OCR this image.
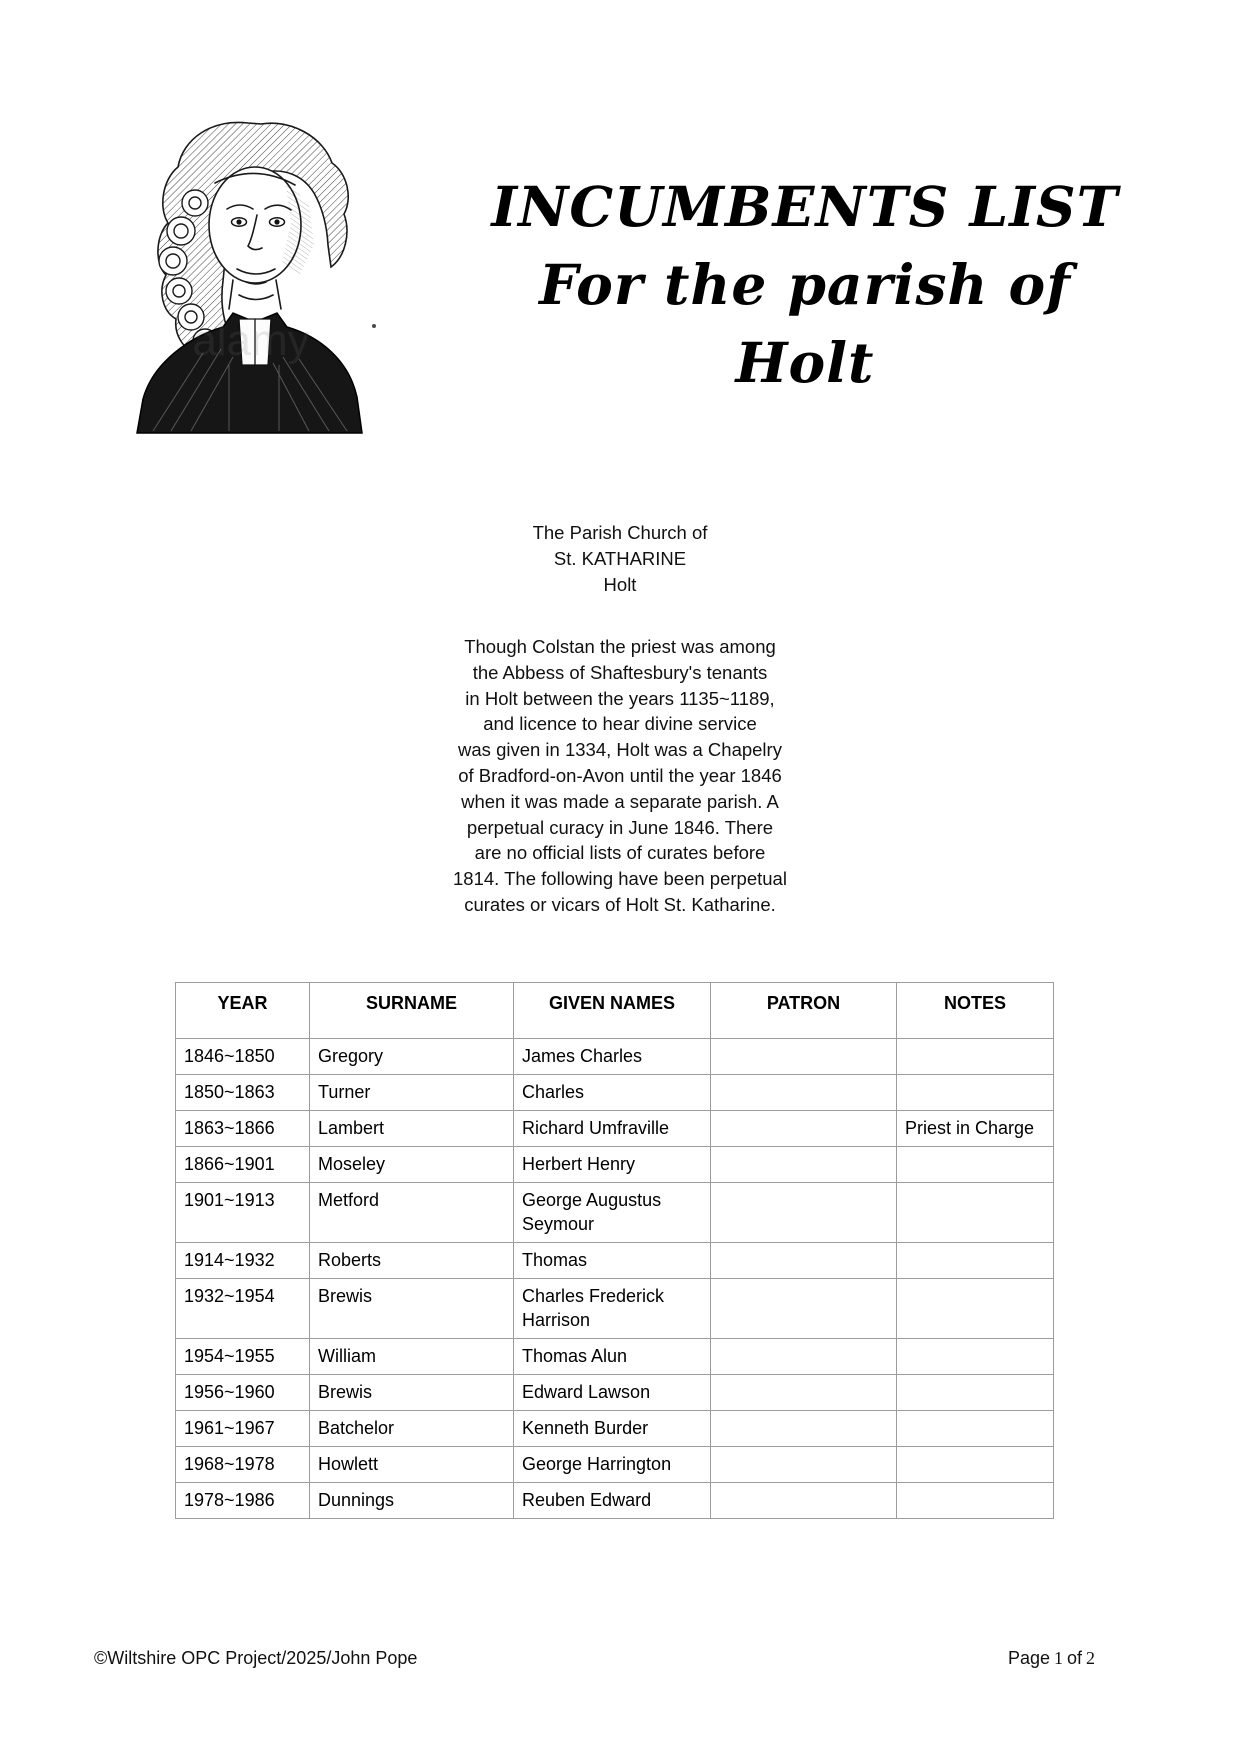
alamy
INCUMBENTS LIST
For the parish of
Holt
The Parish Church of
St. KATHARINE
Holt
Though Colstan the priest was among
the Abbess of Shaftesbury's tenants
in Holt between the years 1135~1189,
and licence to hear divine service
was given in 1334, Holt was a Chapelry
of Bradford-on-Avon until the year 1846
when it was made a separate parish. A
perpetual curacy in June 1846. There
are no official lists of curates before
1814. The following have been perpetual
curates or vicars of Holt St. Katharine.
YEAR	SURNAME	GIVEN NAMES	PATRON	NOTES
1846~1850	Gregory	James Charles		
1850~1863	Turner	Charles		
1863~1866	Lambert	Richard Umfraville		Priest in Charge
1866~1901	Moseley	Herbert Henry		
1901~1913	Metford	George Augustus Seymour		
1914~1932	Roberts	Thomas		
1932~1954	Brewis	Charles Frederick Harrison		
1954~1955	William	Thomas Alun		
1956~1960	Brewis	Edward Lawson		
1961~1967	Batchelor	Kenneth Burder		
1968~1978	Howlett	George Harrington		
1978~1986	Dunnings	Reuben Edward		
©Wiltshire OPC Project/2025/John Pope	Page 1 of 2
